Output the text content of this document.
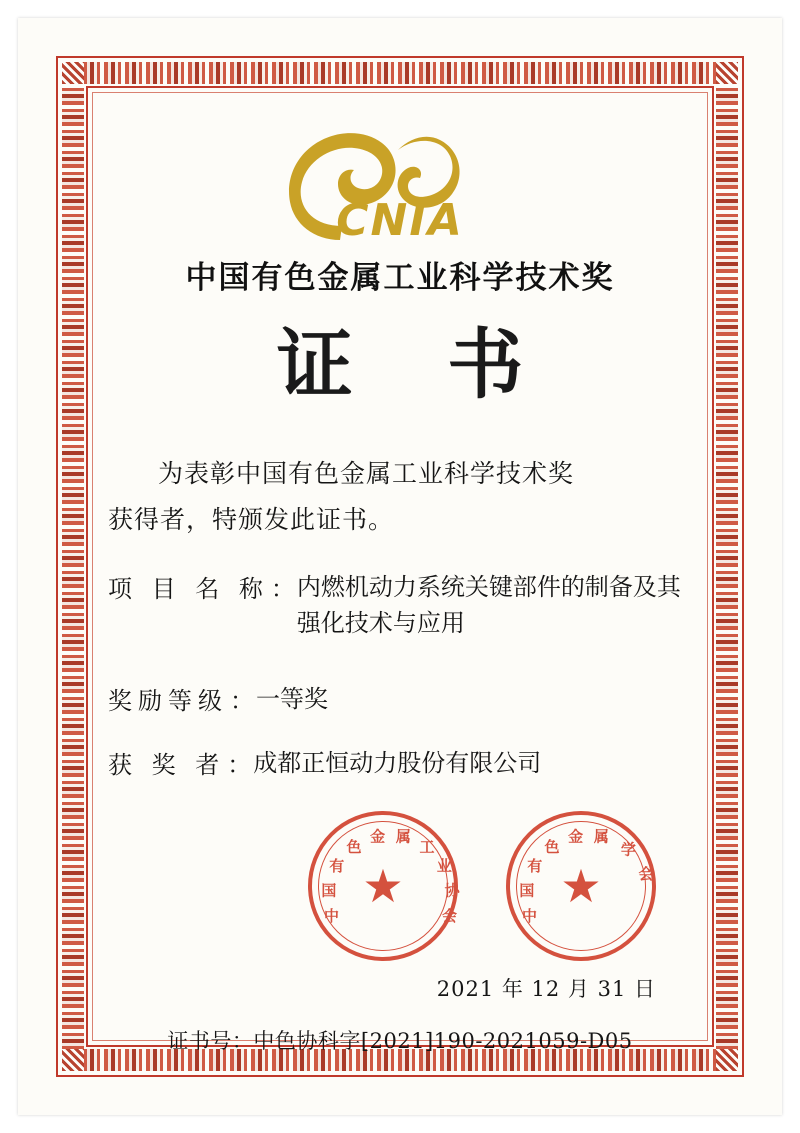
CNIA
中国有色金属工业科学技术奖
证 书
为表彰中国有色金属工业科学技术奖
获得者，特颁发此证书。
项 目 名 称 ： 内燃机动力系统关键部件的制备及其强化技术与应用
奖励等级 ： 一等奖
获 奖 者 ： 成都正恒动力股份有限公司
中
国
有
色
金 属
工
业
协
会
★
中
国
有
色
金 属
学
会
★
2021 年 12 月 31 日
证书号：中色协科字[2021]190-2021059-D05
